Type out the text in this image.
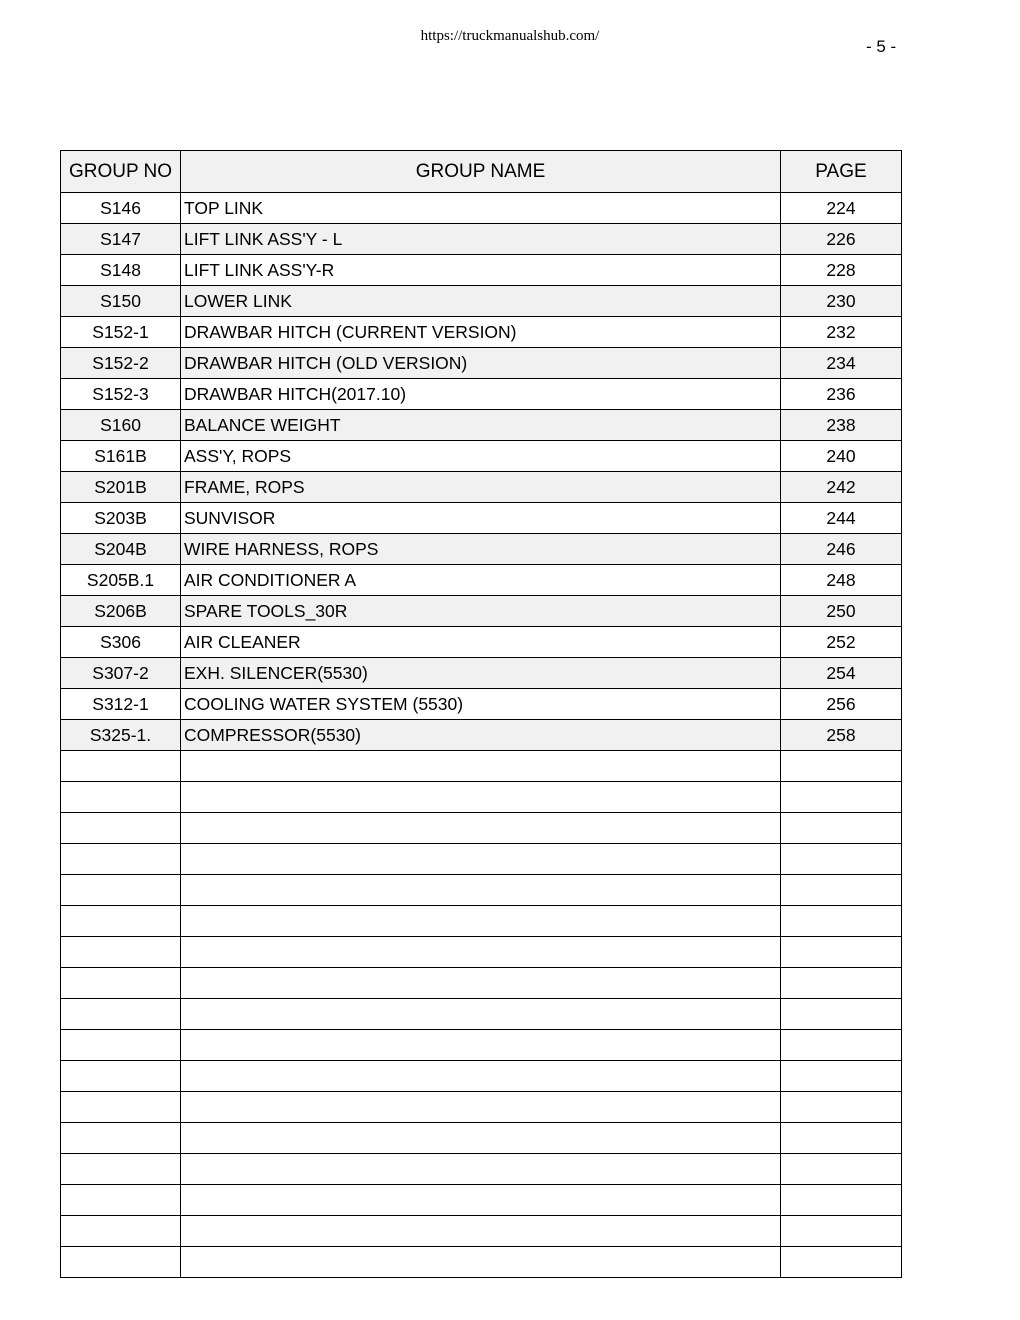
https://truckmanualshub.com/
- 5 -
GROUP NO	GROUP NAME	PAGE
S146	TOP LINK	224
S147	LIFT LINK ASS'Y - L	226
S148	LIFT LINK ASS'Y-R	228
S150	LOWER LINK	230
S152-1	DRAWBAR HITCH (CURRENT VERSION)	232
S152-2	DRAWBAR HITCH (OLD VERSION)	234
S152-3	DRAWBAR HITCH(2017.10)	236
S160	BALANCE WEIGHT	238
S161B	ASS'Y, ROPS	240
S201B	FRAME, ROPS	242
S203B	SUNVISOR	244
S204B	WIRE HARNESS, ROPS	246
S205B.1	AIR CONDITIONER A	248
S206B	SPARE TOOLS_30R	250
S306	AIR CLEANER	252
S307-2	EXH. SILENCER(5530)	254
S312-1	COOLING WATER SYSTEM (5530)	256
S325-1.	COMPRESSOR(5530)	258
